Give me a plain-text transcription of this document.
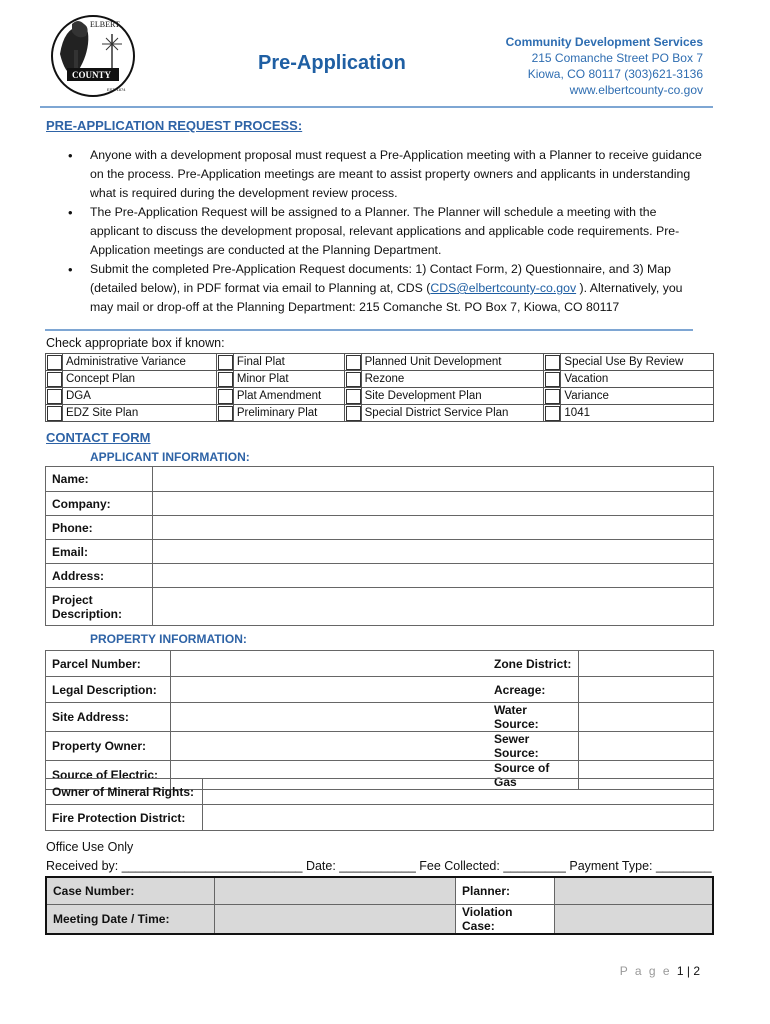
ELBERT
COUNTY
EST. 1874
Pre-Application
Community Development Services
215 Comanche Street PO Box 7
Kiowa, CO 80117 (303)621-3136
www.elbertcounty-co.gov
PRE-APPLICATION REQUEST PROCESS:
• Anyone with a development proposal must request a Pre-Application meeting with a Planner to receive guidance on the process. Pre-Application meetings are meant to assist property owners and applicants in understanding what is required during the development review process.
• The Pre-Application Request will be assigned to a Planner. The Planner will schedule a meeting with the applicant to discuss the development proposal, relevant applications and applicable code requirements. Pre-Application meetings are conducted at the Planning Department.
• Submit the completed Pre-Application Request documents: 1) Contact Form, 2) Questionnaire, and 3) Map (detailed below), in PDF format via email to Planning at, CDS (CDS@elbertcounty-co.gov ). Alternatively, you may mail or drop-off at the Planning Department: 215 Comanche St. PO Box 7, Kiowa, CO 80117
Check appropriate box if known:
	Administrative Variance		Final Plat		Planned Unit Development		Special Use By Review
	Concept Plan		Minor Plat		Rezone		Vacation
	DGA		Plat Amendment		Site Development Plan		Variance
	EDZ Site Plan		Preliminary Plat		Special District Service Plan		1041
CONTACT FORM
APPLICANT INFORMATION:
Name:	
Company:	
Phone:	
Email:	
Address:	
Project Description:	
PROPERTY INFORMATION:
Parcel Number:		Zone District:	
Legal Description:		Acreage:	
Site Address:		Water Source:	
Property Owner:		Sewer Source:	
Source of Electric:		Source of Gas	
Owner of Mineral Rights:	
Fire Protection District:	
Office Use Only
Received by: __________________________ Date: ___________ Fee Collected: _________ Payment Type: ________
Case Number:		Planner:	
Meeting Date / Time:		Violation Case:	
P a g e 1 | 2
